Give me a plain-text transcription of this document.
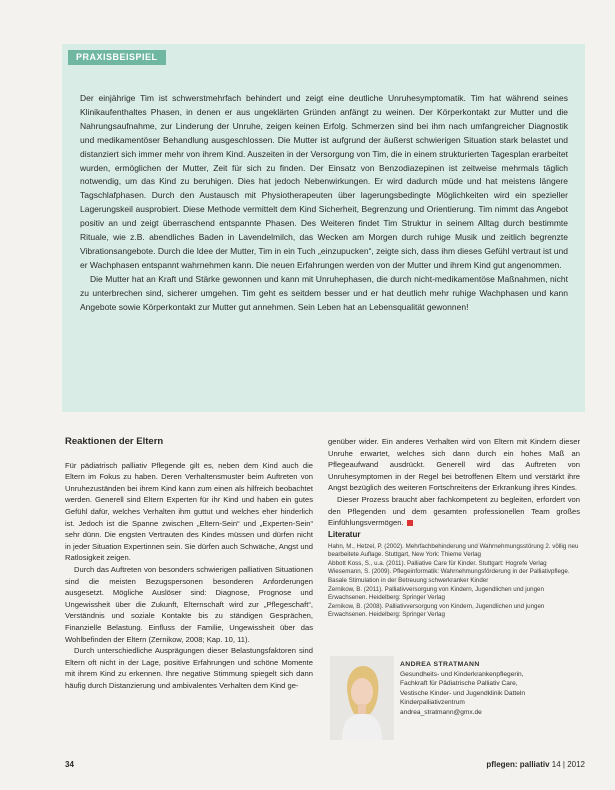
PRAXISBEISPIEL

Der einjährige Tim ist schwerstmehrfach behindert und zeigt eine deutliche Unruhesymptomatik. Tim hat während seines Klinikaufenthaltes Phasen, in denen er aus ungeklärten Gründen anfängt zu weinen. Der Körperkontakt zur Mutter und die Nahrungsaufnahme, zur Linderung der Unruhe, zeigen keinen Erfolg. Schmerzen sind bei ihm nach umfangreicher Diagnostik und medikamentöser Behandlung ausgeschlossen. Die Mutter ist aufgrund der äußerst schwierigen Situation stark belastet und distanziert sich immer mehr von ihrem Kind. Auszeiten in der Versorgung von Tim, die in einem strukturierten Tagesplan erarbeitet wurden, ermöglichen der Mutter, Zeit für sich zu finden. Der Einsatz von Benzodiazepinen ist zeitweise mehrmals täglich notwendig, um das Kind zu beruhigen. Dies hat jedoch Nebenwirkungen. Er wird dadurch müde und hat meistens längere Tagschlafphasen. Durch den Austausch mit Physiotherapeuten über lagerungsbedingte Möglichkeiten wird ein spezieller Lagerungskeil ausprobiert. Diese Methode vermittelt dem Kind Sicherheit, Begrenzung und Orientierung. Tim nimmt das Angebot positiv an und zeigt überraschend entspannte Phasen. Des Weiteren findet Tim Struktur in seinem Alltag durch bestimmte Rituale, wie z.B. abendliches Baden in Lavendelmilch, das Wecken am Morgen durch ruhige Musik und zeitlich begrenzte Vibrationsangebote. Durch die Idee der Mutter, Tim in ein Tuch „einzupucken“, zeigte sich, dass ihm dieses Gefühl vertraut ist und er Wachphasen entspannt wahrnehmen kann. Die neuen Erfahrungen werden von der Mutter und ihrem Kind gut angenommen.

Die Mutter hat an Kraft und Stärke gewonnen und kann mit Unruhephasen, die durch nicht-medikamentöse Maßnahmen, nicht zu unterbrechen sind, sicherer umgehen. Tim geht es seitdem besser und er hat deutlich mehr ruhige Wachphasen und kann Angebote sowie Körperkontakt zur Mutter gut annehmen. Sein Leben hat an Lebensqualität gewonnen!

Reaktionen der Eltern

Für pädiatrisch palliativ Pflegende gilt es, neben dem Kind auch die Eltern im Fokus zu haben. Deren Verhaltensmuster beim Auftreten von Unruhezuständen bei ihrem Kind kann zum einen als hilfreich beobachtet werden. Generell sind Eltern Experten für ihr Kind und haben ein gutes Gefühl dafür, welches Verhalten ihm guttut und welches eher hinderlich ist. Jedoch ist die Spanne zwischen „Eltern-Sein“ und „Experten-Sein“ sehr dünn. Die engsten Vertrauten des Kindes müssen und dürfen nicht in jeder Situation Expertinnen sein. Sie dürfen auch Schwäche, Angst und Ratlosigkeit zeigen.

Durch das Auftreten von besonders schwierigen palliativen Situationen sind die meisten Bezugspersonen besonderen Anforderungen ausgesetzt. Mögliche Auslöser sind: Diagnose, Prognose und Ungewissheit über die Zukunft, Elternschaft wird zur „Pflegeschaft“, Verständnis und soziale Kontakte bis zu ständigen Gesprächen, Finanzielle Belastung. Einfluss der Familie, Ungewissheit über das Wohlbefinden der Eltern (Zernikow, 2008; Kap. 10, 11).

Durch unterschiedliche Ausprägungen dieser Belastungsfaktoren sind Eltern oft nicht in der Lage, positive Erfahrungen und schöne Momente mit ihrem Kind zu erkennen. Ihre negative Stimmung spiegelt sich dann häufig durch Distanzierung und ambivalentes Verhalten dem Kind ge-

genüber wider. Ein anderes Verhalten wird von Eltern mit Kindern dieser Unruhe erwartet, welches sich dann durch ein hohes Maß an Pflegeaufwand ausdrückt. Generell wird das Auftreten von Unruhesymptomen in der Regel bei betroffenen Eltern und verstärkt ihre Angst bezüglich des weiteren Fortschreitens der Erkrankung ihres Kindes.

Dieser Prozess braucht aber fachkompetent zu begleiten, erfordert von den Pflegenden und dem gesamten professionellen Team großes Einfühlungsvermögen.

Literatur
Hahn, M., Hetzel, P. (2002). Mehrfachbehinderung und Wahrnehmungsstörung 2. völlig neu bearbeitete Auflage. Stuttgart, New York: Thieme Verlag
Abbott Koss, S., u.a. (2011). Palliative Care für Kinder. Stuttgart: Hogrefe Verlag
Wiesemann, S. (2009). Pflegeinformatik: Wahrnehmungsförderung in der Palliativpflege. Basale Stimulation in der Betreuung schwerkranker Kinder
Zernikow, B. (2011). Palliativversorgung von Kindern, Jugendlichen und jungen Erwachsenen. Heidelberg: Springer Verlag
Zernikow, B. (2008). Palliativversorgung von Kindern, Jugendlichen und jungen Erwachsenen. Heidelberg: Springer Verlag
ANDREA STRATMANN
Gesundheits- und Kinderkrankenpflegerin,
Fachkraft für Pädiatrische Palliativ Care,
Vestische Kinder- und Jugendklinik Datteln
Kinderpalliativzentrum
andrea_stratmann@gmx.de
34	pflegen: palliativ 14 | 2012
